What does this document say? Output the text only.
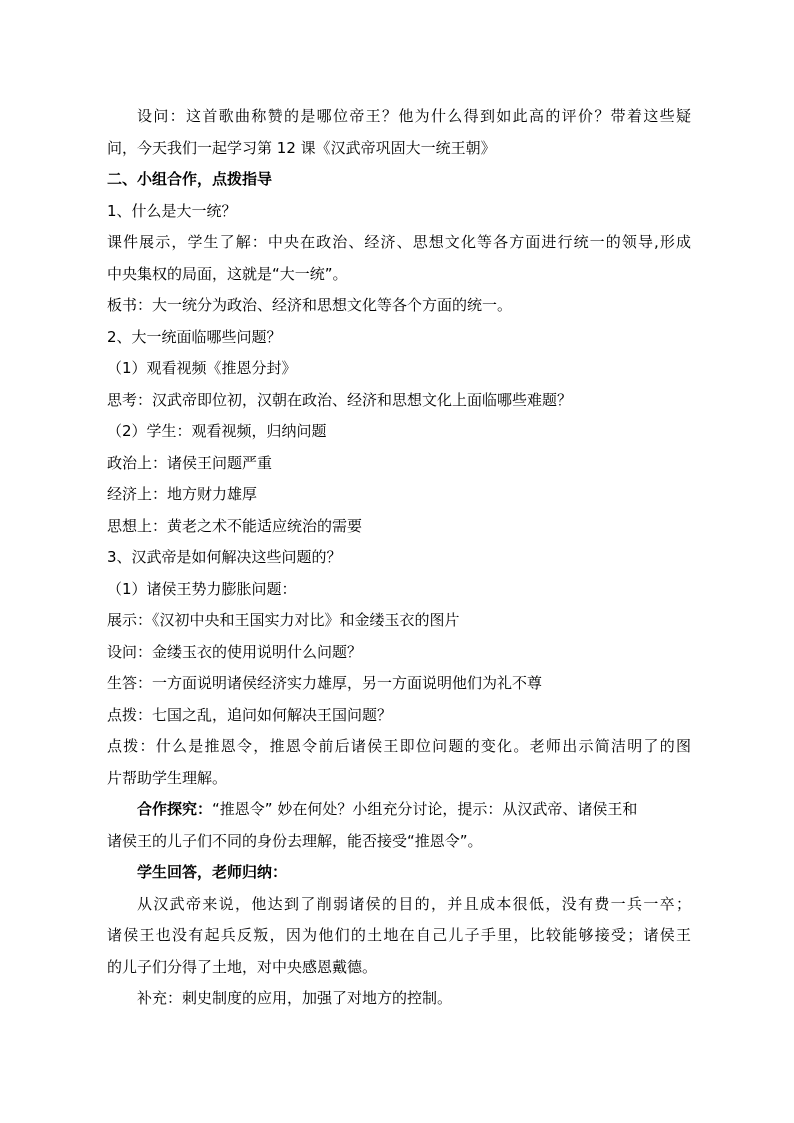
设问：这首歌曲称赞的是哪位帝王？他为什么得到如此高的评价？带着这些疑
问，今天我们一起学习第 12 课《汉武帝巩固大一统王朝》
二、小组合作，点拨指导
1、什么是大一统？
课件展示，学生了解：中央在政治、经济、思想文化等各方面进行统一的领导,形成
中央集权的局面，这就是“大一统”。
板书：大一统分为政治、经济和思想文化等各个方面的统一。
2、大一统面临哪些问题？
（1）观看视频《推恩分封》
思考：汉武帝即位初，汉朝在政治、经济和思想文化上面临哪些难题？
（2）学生：观看视频，归纳问题
政治上：诸侯王问题严重
经济上：地方财力雄厚
思想上：黄老之术不能适应统治的需要
3、汉武帝是如何解决这些问题的？
（1）诸侯王势力膨胀问题：
展示：《汉初中央和王国实力对比》和金缕玉衣的图片
设问：金缕玉衣的使用说明什么问题？
生答：一方面说明诸侯经济实力雄厚，另一方面说明他们为礼不尊
点拨：七国之乱，追问如何解决王国问题？
点拨：什么是推恩令，推恩令前后诸侯王即位问题的变化。老师出示简洁明了的图
片帮助学生理解。
合作探究：“推恩令” 妙在何处？小组充分讨论，提示：从汉武帝、诸侯王和
诸侯王的儿子们不同的身份去理解，能否接受“推恩令”。
学生回答，老师归纳：
从汉武帝来说，他达到了削弱诸侯的目的，并且成本很低，没有费一兵一卒；
诸侯王也没有起兵反叛，因为他们的土地在自己儿子手里，比较能够接受；诸侯王
的儿子们分得了土地，对中央感恩戴德。
补充：刺史制度的应用，加强了对地方的控制。
